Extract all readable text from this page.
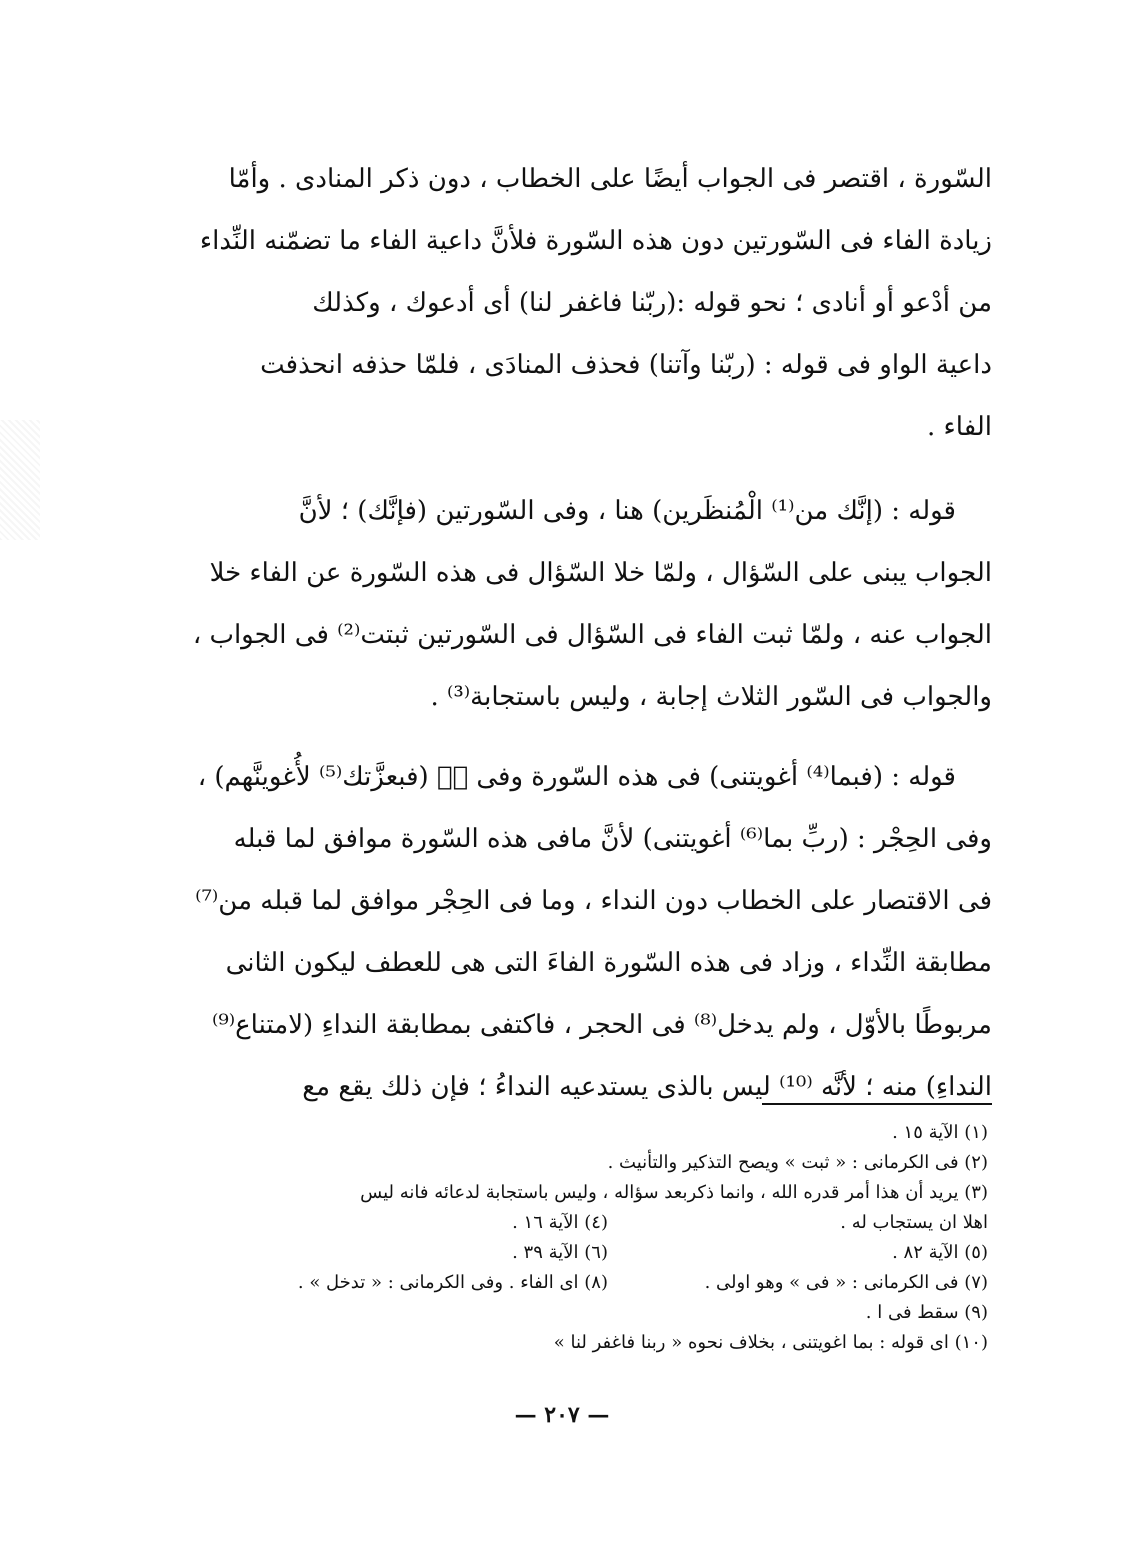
السّورة ، اقتصر فى الجواب أيضًا على الخطاب ، دون ذكر المنادى . وأمّا
زيادة الفاء فى السّورتين دون هذه السّورة فلأنَّ داعية الفاء ما تضمّنه النِّداء
من أدْعو أو أنادى ؛ نحو قوله :(ربّنا فاغفر لنا) أى أدعوك ، وكذلك
داعية الواو فى قوله : (ربّنا وآتنا) فحذف المنادَى ، فلمّا حذفه انحذفت
الفاء .
قوله : (إنَّك من⁽¹⁾ الْمُنظَرين) هنا ، وفى السّورتين (فإنَّك) ؛ لأنَّ
الجواب يبنى على السّؤال ، ولمّا خلا السّؤال فى هذه السّورة عن الفاء خلا
الجواب عنه ، ولمّا ثبت الفاء فى السّؤال فى السّورتين ثبتت⁽²⁾ فى الجواب ،
والجواب فى السّور الثلاث إجابة ، وليس باستجابة⁽³⁾ .
قوله : (فبما⁽⁴⁾ أغويتنى) فى هذه السّورة وفى صۤ (فبعزَّتك⁽⁵⁾ لأُغوينَّهم) ،
وفى الحِجْر : (ربِّ بما⁽⁶⁾ أغويتنى) لأنَّ مافى هذه السّورة موافق لما قبله
فى الاقتصار على الخطاب دون النداء ، وما فى الحِجْر موافق لما قبله من⁽⁷⁾
مطابقة النِّداء ، وزاد فى هذه السّورة الفاءَ التى هى للعطف ليكون الثانى
مربوطًا بالأوّل ، ولم يدخل⁽⁸⁾ فى الحجر ، فاكتفى بمطابقة النداءِ (لامتناع⁽⁹⁾
النداءِ) منه ؛ لأنَّه ⁽¹⁰⁾ ليس بالذى يستدعيه النداءُ ؛ فإن ذلك يقع مع
(١) الآية ١٥ .
(٢) فى الكرمانى : « ثبت » ويصح التذكير والتأنيث .
(٣) يريد أن هذا أمر قدره الله ، وانما ذكربعد سؤاله ، وليس باستجابة لدعائه فانه ليس
اهلا ان يستجاب له .
(٤) الآية ١٦ .
(٥) الآية ٨٢ .
(٦) الآية ٣٩ .
(٧) فى الكرمانى : « فى » وهو اولى .
(٨) اى الفاء . وفى الكرمانى : « تدخل » .
(٩) سقط فى ا .
(١٠) اى قوله : بما اغويتنى ، بخلاف نحوه « ربنا فاغفر لنا »
— ٢٠٧ —
